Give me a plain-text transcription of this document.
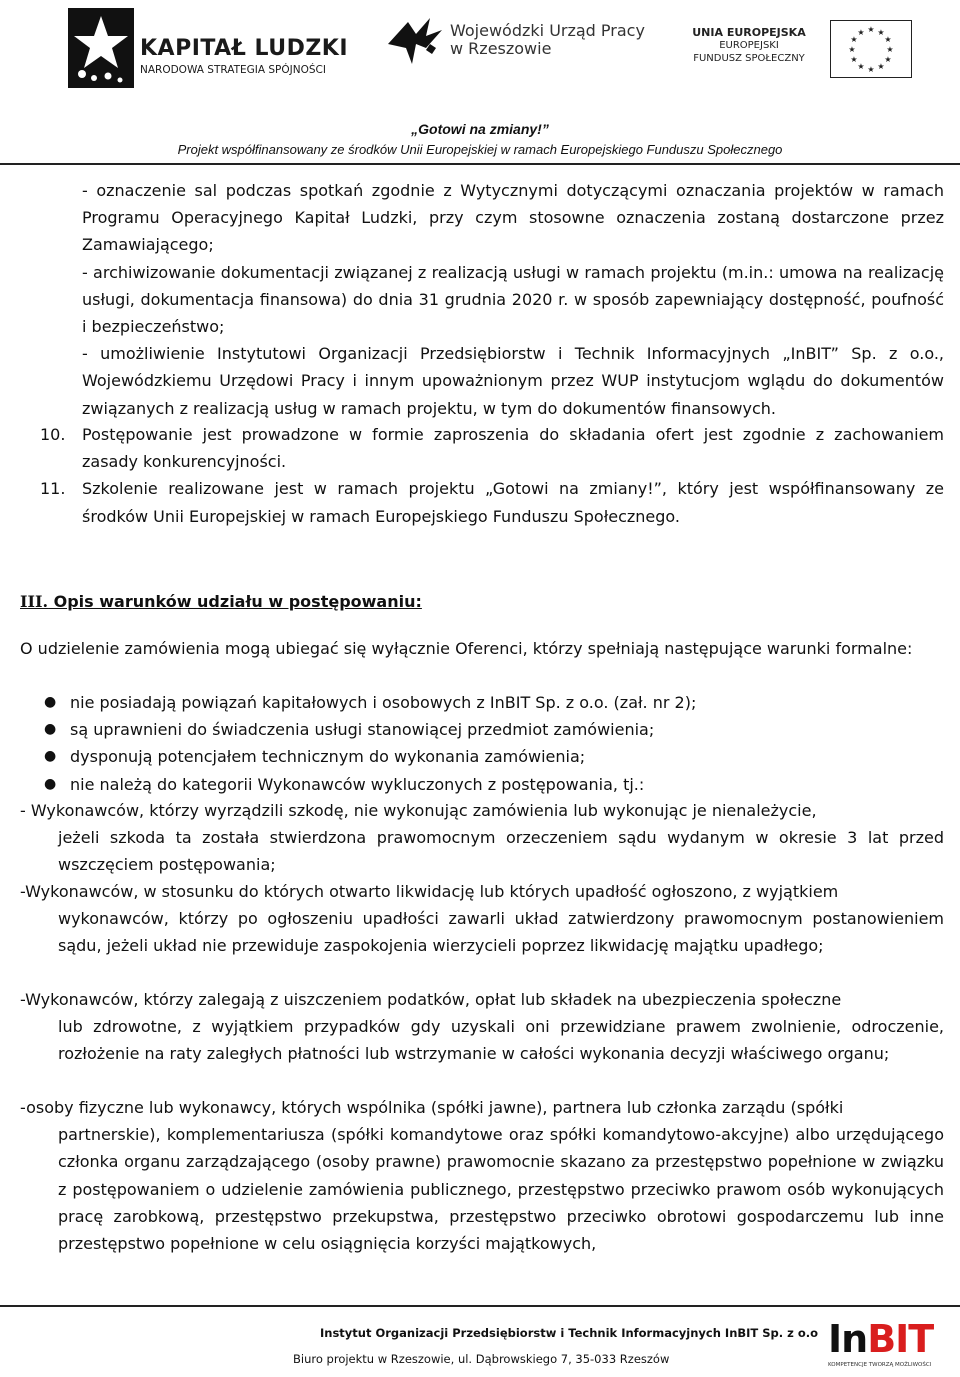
KAPITAŁ LUDZKI
NARODOWA STRATEGIA SPÓJNOŚCI
Wojewódzki Urząd Pracy
w Rzeszowie
UNIA EUROPEJSKA
EUROPEJSKI
FUNDUSZ SPOŁECZNY
★ ★
★
★
★
★
★
★
★
★
★
★
„Gotowi na zmiany!”
Projekt współfinansowany ze środków Unii Europejskiej w ramach Europejskiego Funduszu Społecznego

- oznaczenie sal podczas spotkań zgodnie z Wytycznymi dotyczącymi oznaczania projektów w ramach Programu Operacyjnego Kapitał Ludzki, przy czym stosowne oznaczenia zostaną dostarczone przez Zamawiającego;

- archiwizowanie dokumentacji związanej z realizacją usługi w ramach projektu (m.in.: umowa na realizację usługi, dokumentacja finansowa) do dnia 31 grudnia 2020 r. w sposób zapewniający dostępność, poufność i bezpieczeństwo;

- umożliwienie Instytutowi Organizacji Przedsiębiorstw i Technik Informacyjnych „InBIT” Sp. z o.o., Wojewódzkiemu Urzędowi Pracy i innym upoważnionym przez WUP instytucjom wglądu do dokumentów związanych z realizacją usług w ramach projektu, w tym do dokumentów finansowych.

10.	Postępowanie jest prowadzone w formie zaproszenia do składania ofert jest zgodnie z zachowaniem zasady konkurencyjności.
11.	Szkolenie realizowane jest w ramach projektu „Gotowi na zmiany!”, który jest współfinansowany ze środków Unii Europejskiej w ramach Europejskiego Funduszu Społecznego.
III. Opis warunków udziału w postępowaniu:

O udzielenie zamówienia mogą ubiegać się wyłącznie Oferenci, którzy spełniają następujące warunki formalne:

● nie posiadają powiązań kapitałowych i osobowych z InBIT Sp. z o.o. (zał. nr 2);
● są uprawnieni do świadczenia usługi stanowiącej przedmiot zamówienia;
● dysponują potencjałem technicznym do wykonania zamówienia;
● nie należą do kategorii Wykonawców wykluczonych z postępowania, tj.:
- Wykonawców, którzy wyrządzili szkodę, nie wykonując zamówienia lub wykonując je nienależycie,

jeżeli szkoda ta została stwierdzona prawomocnym orzeczeniem sądu wydanym w okresie 3 lat przed wszczęciem postępowania;

-Wykonawców, w stosunku do których otwarto likwidację lub których upadłość ogłoszono, z wyjątkiem

wykonawców, którzy po ogłoszeniu upadłości zawarli układ zatwierdzony prawomocnym postanowieniem sądu, jeżeli układ nie przewiduje zaspokojenia wierzycieli poprzez likwidację majątku upadłego;

-Wykonawców, którzy zalegają z uiszczeniem podatków, opłat lub składek na ubezpieczenia społeczne

lub zdrowotne, z wyjątkiem przypadków gdy uzyskali oni przewidziane prawem zwolnienie, odroczenie, rozłożenie na raty zaległych płatności lub wstrzymanie w całości wykonania decyzji właściwego organu;

-osoby fizyczne lub wykonawcy, których wspólnika (spółki jawne), partnera lub członka zarządu (spółki

partnerskie), komplementariusza (spółki komandytowe oraz spółki komandytowo-akcyjne) albo urzędującego członka organu zarządzającego (osoby prawne) prawomocnie skazano za przestępstwo popełnione w związku z postępowaniem o udzielenie zamówienia publicznego, przestępstwo przeciwko prawom osób wykonujących pracę zarobkową, przestępstwo przekupstwa, przestępstwo przeciwko obrotowi gospodarczemu lub inne przestępstwo popełnione w celu osiągnięcia korzyści majątkowych,

Instytut Organizacji Przedsiębiorstw i Technik Informacyjnych InBIT Sp. z o.o
Biuro projektu w Rzeszowie, ul. Dąbrowskiego 7, 35-033 Rzeszów	InBIT
KOMPETENCJE TWORZĄ MOŻLIWOŚCI
